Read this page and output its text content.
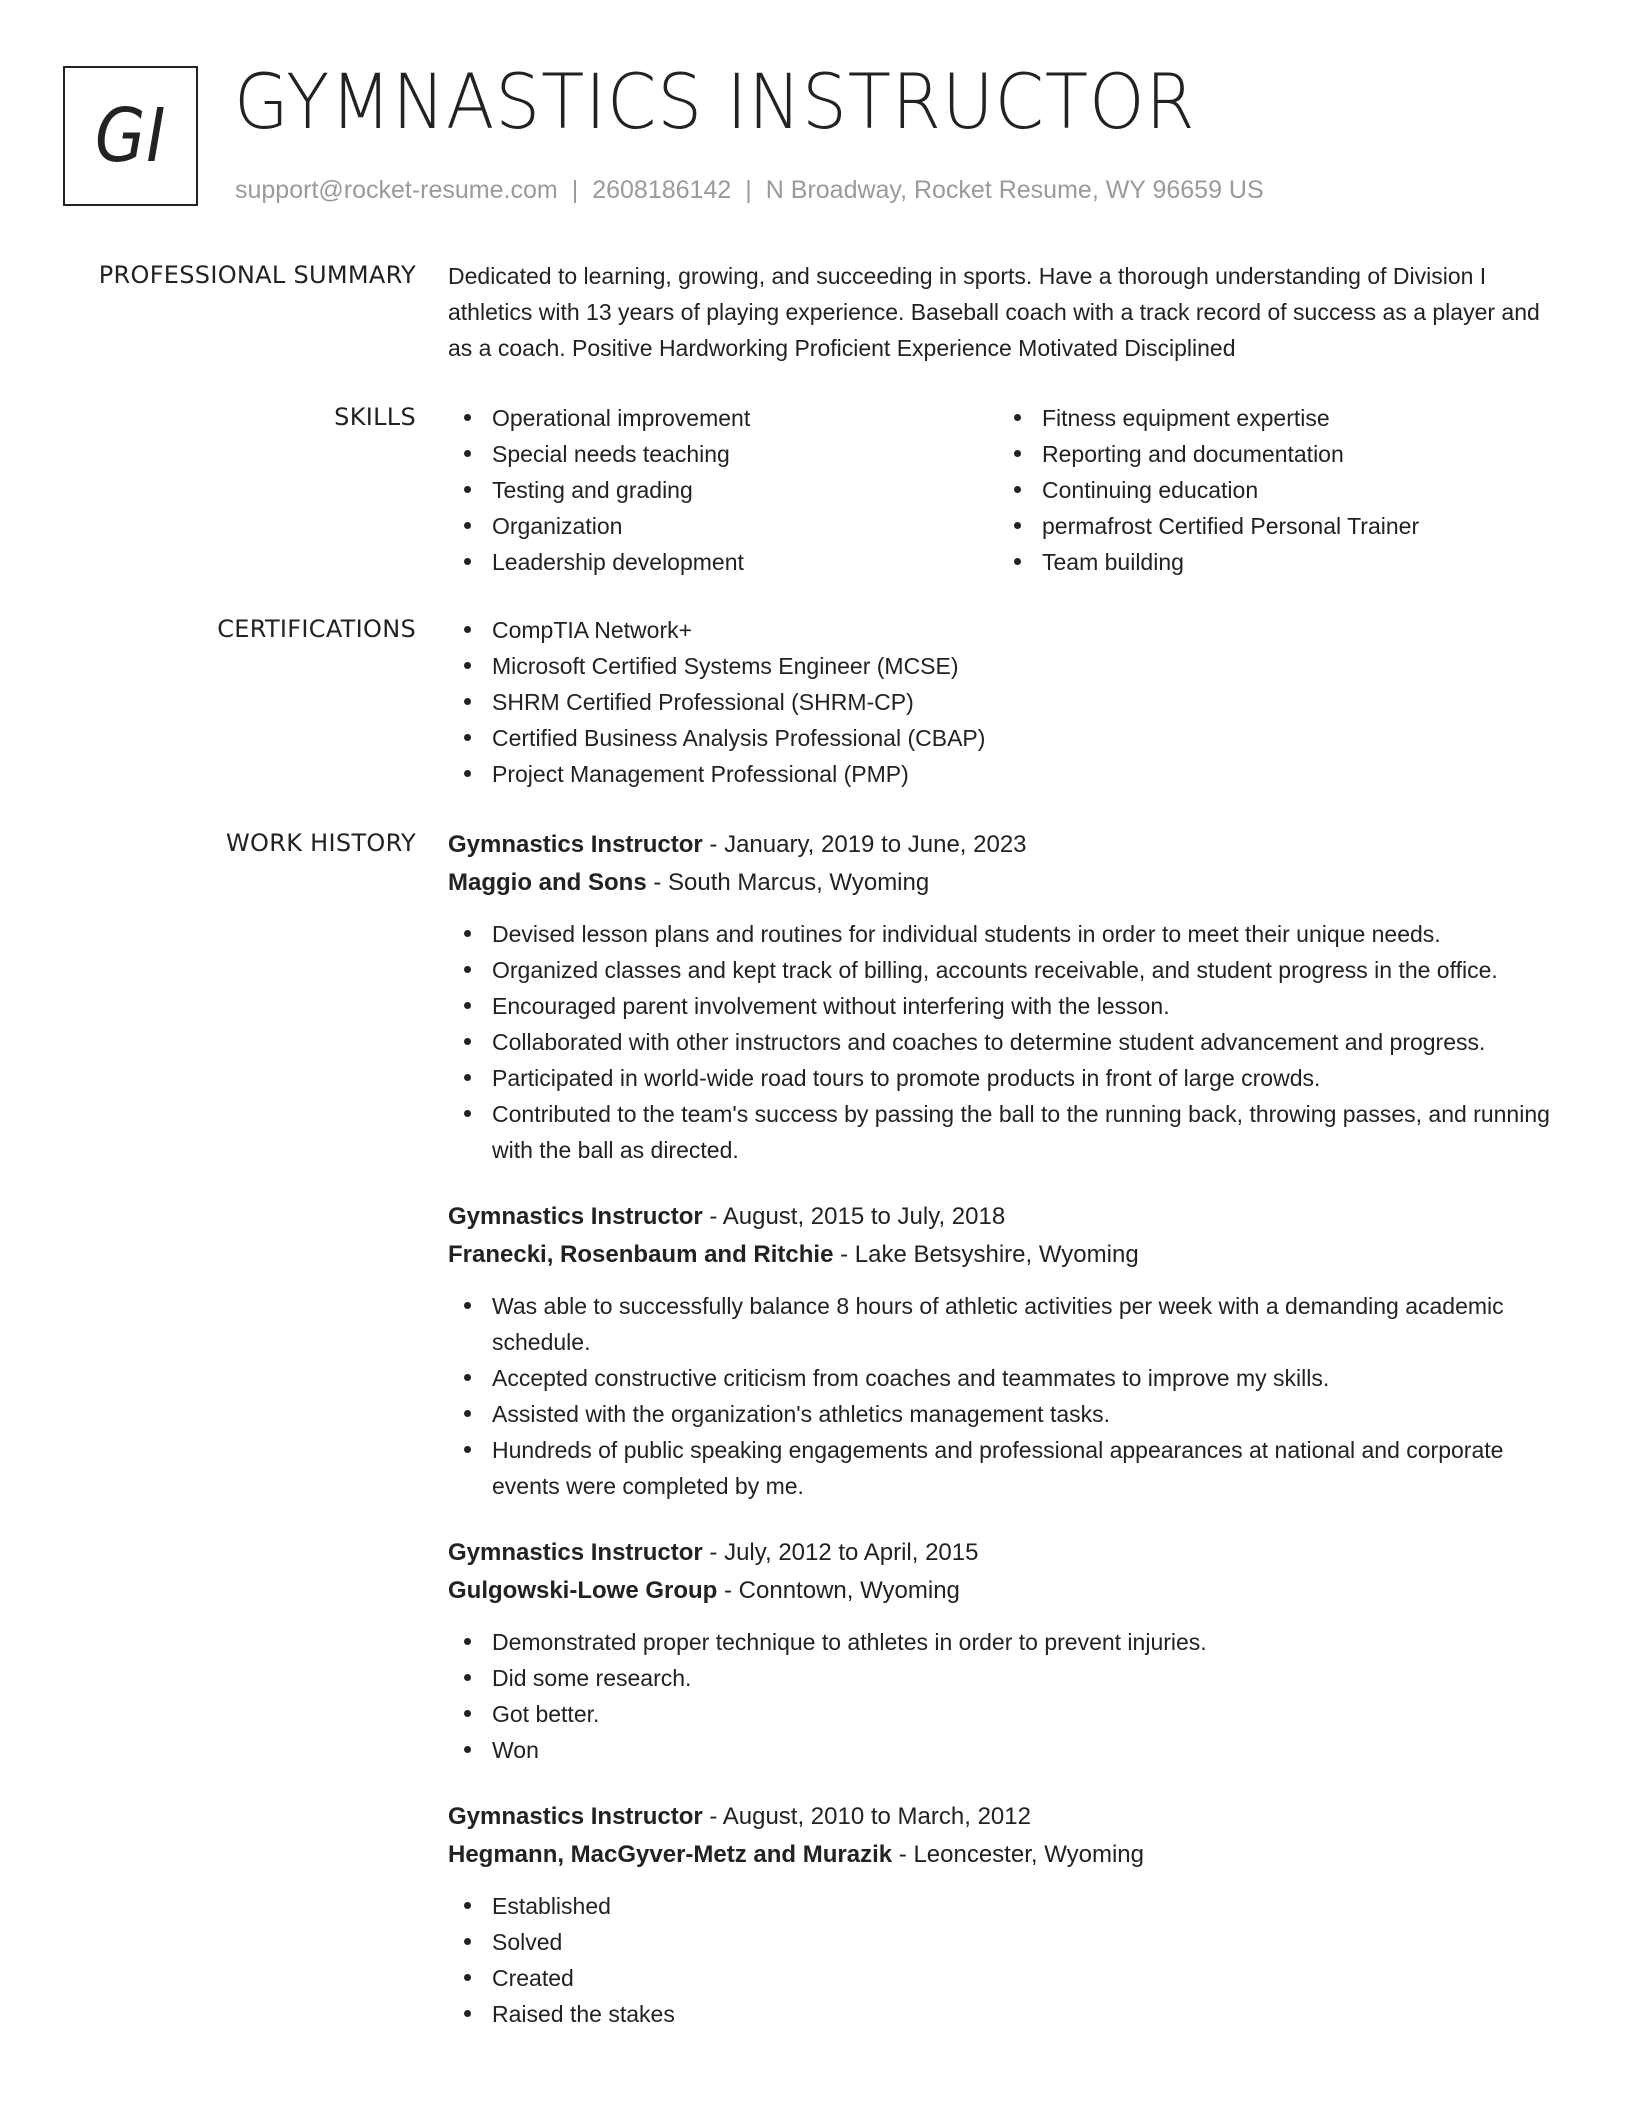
GI GYMNASTICS INSTRUCTOR
support@rocket-resume.com | 2608186142 | N Broadway, Rocket Resume, WY 96659 US
PROFESSIONAL SUMMARY Dedicated to learning, growing, and succeeding in sports. Have a thorough understanding of Division I athletics with 13 years of playing experience. Baseball coach with a track record of success as a player and as a coach. Positive Hardworking Proficient Experience Motivated Disciplined

SKILLS	Operational improvement
Special needs teaching
Testing and grading
Organization
Leadership development
Fitness equipment expertise
Reporting and documentation
Continuing education
permafrost Certified Personal Trainer
Team building
CERTIFICATIONS	CompTIA Network+
Microsoft Certified Systems Engineer (MCSE)
SHRM Certified Professional (SHRM-CP)
Certified Business Analysis Professional (CBAP)
Project Management Professional (PMP)
WORK HISTORY Gymnastics Instructor - January, 2019 to June, 2023
Maggio and Sons - South Marcus, Wyoming
Devised lesson plans and routines for individual students in order to meet their unique needs.
Organized classes and kept track of billing, accounts receivable, and student progress in the office.
Encouraged parent involvement without interfering with the lesson.
Collaborated with other instructors and coaches to determine student advancement and progress.
Participated in world-wide road tours to promote products in front of large crowds.
Contributed to the team's success by passing the ball to the running back, throwing passes, and running with the ball as directed.
Gymnastics Instructor - August, 2015 to July, 2018
Franecki, Rosenbaum and Ritchie - Lake Betsyshire, Wyoming
Was able to successfully balance 8 hours of athletic activities per week with a demanding academic schedule.
Accepted constructive criticism from coaches and teammates to improve my skills.
Assisted with the organization's athletics management tasks.
Hundreds of public speaking engagements and professional appearances at national and corporate events were completed by me.
Gymnastics Instructor - July, 2012 to April, 2015
Gulgowski-Lowe Group - Conntown, Wyoming
Demonstrated proper technique to athletes in order to prevent injuries.
Did some research.
Got better.
Won
Gymnastics Instructor - August, 2010 to March, 2012
Hegmann, MacGyver-Metz and Murazik - Leoncester, Wyoming
Established
Solved
Created
Raised the stakes
